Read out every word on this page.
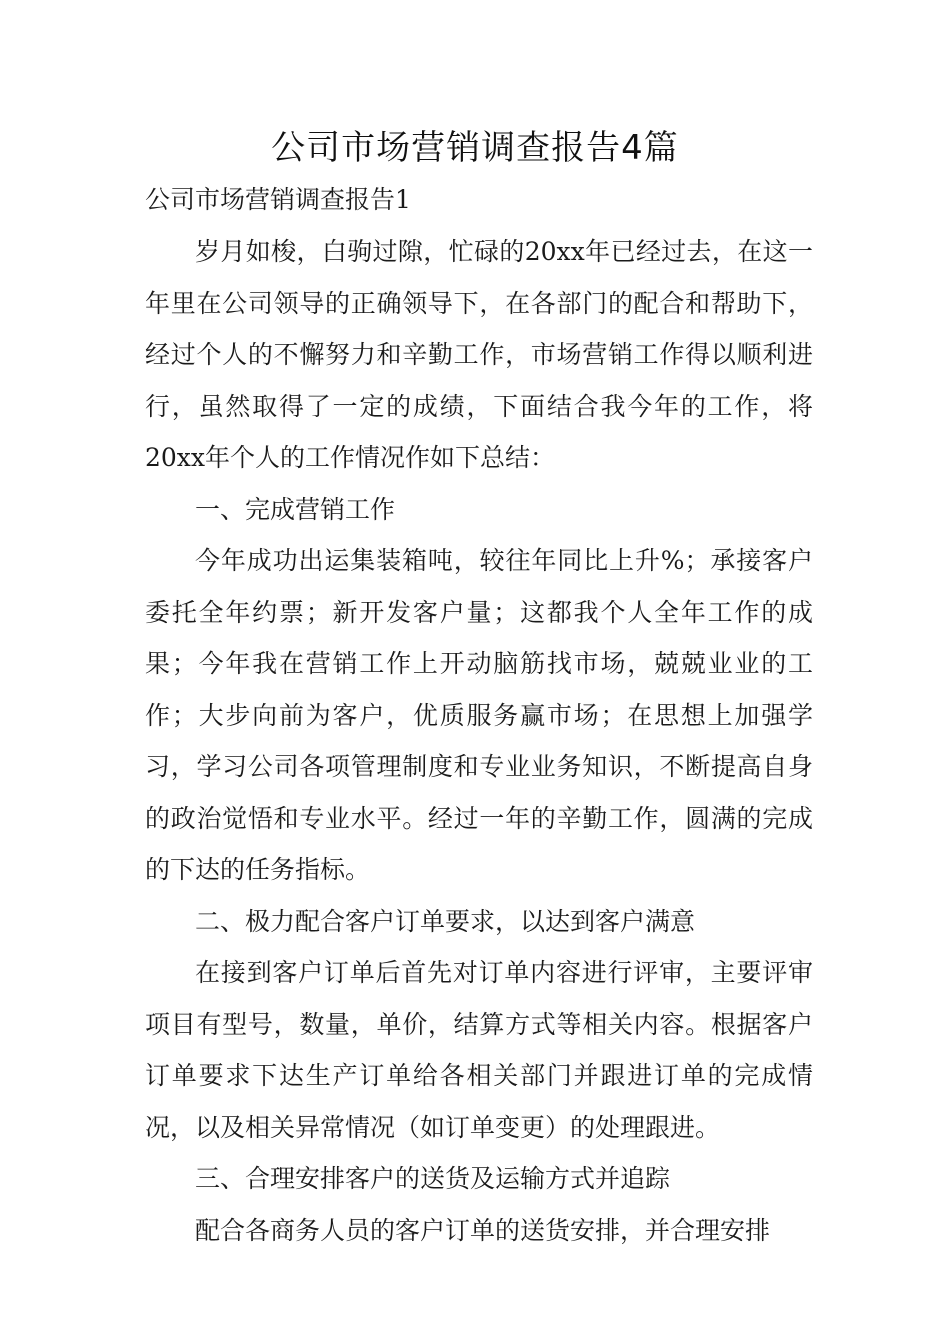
公司市场营销调查报告4篇
公司市场营销调查报告1

岁月如梭，白驹过隙，忙碌的20xx年已经过去，在这一年里在公司领导的正确领导下，在各部门的配合和帮助下，经过个人的不懈努力和辛勤工作，市场营销工作得以顺利进行，虽然取得了一定的成绩，下面结合我今年的工作，将20xx年个人的工作情况作如下总结：

一、完成营销工作

今年成功出运集装箱吨，较往年同比上升%；承接客户委托全年约票；新开发客户量；这都我个人全年工作的成果；今年我在营销工作上开动脑筋找市场，兢兢业业的工作；大步向前为客户，优质服务赢市场；在思想上加强学习，学习公司各项管理制度和专业业务知识，不断提高自身的政治觉悟和专业水平。经过一年的辛勤工作，圆满的完成的下达的任务指标。

二、极力配合客户订单要求，以达到客户满意

在接到客户订单后首先对订单内容进行评审，主要评审项目有型号，数量，单价，结算方式等相关内容。根据客户订单要求下达生产订单给各相关部门并跟进订单的完成情况，以及相关异常情况（如订单变更）的处理跟进。

三、合理安排客户的送货及运输方式并追踪

配合各商务人员的客户订单的送货安排，并合理安排
